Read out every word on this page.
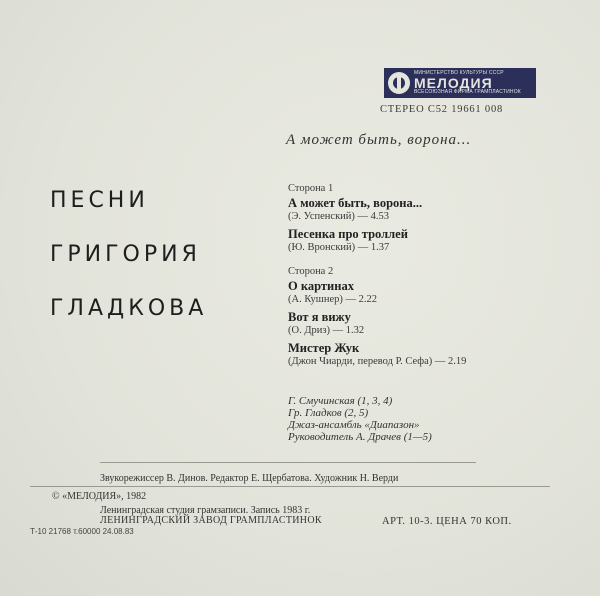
МИНИСТЕРСТВО КУЛЬТУРЫ СССР
МЕЛОДИЯ
ВСЕСОЮЗНАЯ ФИРМА ГРАМПЛАСТИНОК
СТЕРЕО С52 19661 008
А может быть, ворона...
ПЕСНИ
ГРИГОРИЯ
ГЛАДКОВА
Сторона 1
А может быть, ворона...
(Э. Успенский) — 4.53
Песенка про троллей
(Ю. Вронский) — 1.37
Сторона 2
О картинах
(А. Кушнер) — 2.22
Вот я вижу
(О. Дриз) — 1.32
Мистер Жук
(Джон Чиарди, перевод Р. Сефа) — 2.19
Г. Смучинская (1, 3, 4)
Гр. Гладков (2, 5)
Джаз-ансамбль «Диапазон»
Руководитель А. Драчев (1—5)
Звукорежиссер В. Динов. Редактор Е. Щербатова. Художник Н. Верди
© «МЕЛОДИЯ», 1982
Ленинградская студия грамзаписи. Запись 1983 г.
ЛЕНИНГРАДСКИЙ ЗАВОД ГРАМПЛАСТИНОК
Т-10 21768 т.60000 24.08.83
АРТ. 10-3. ЦЕНА 70 КОП.
